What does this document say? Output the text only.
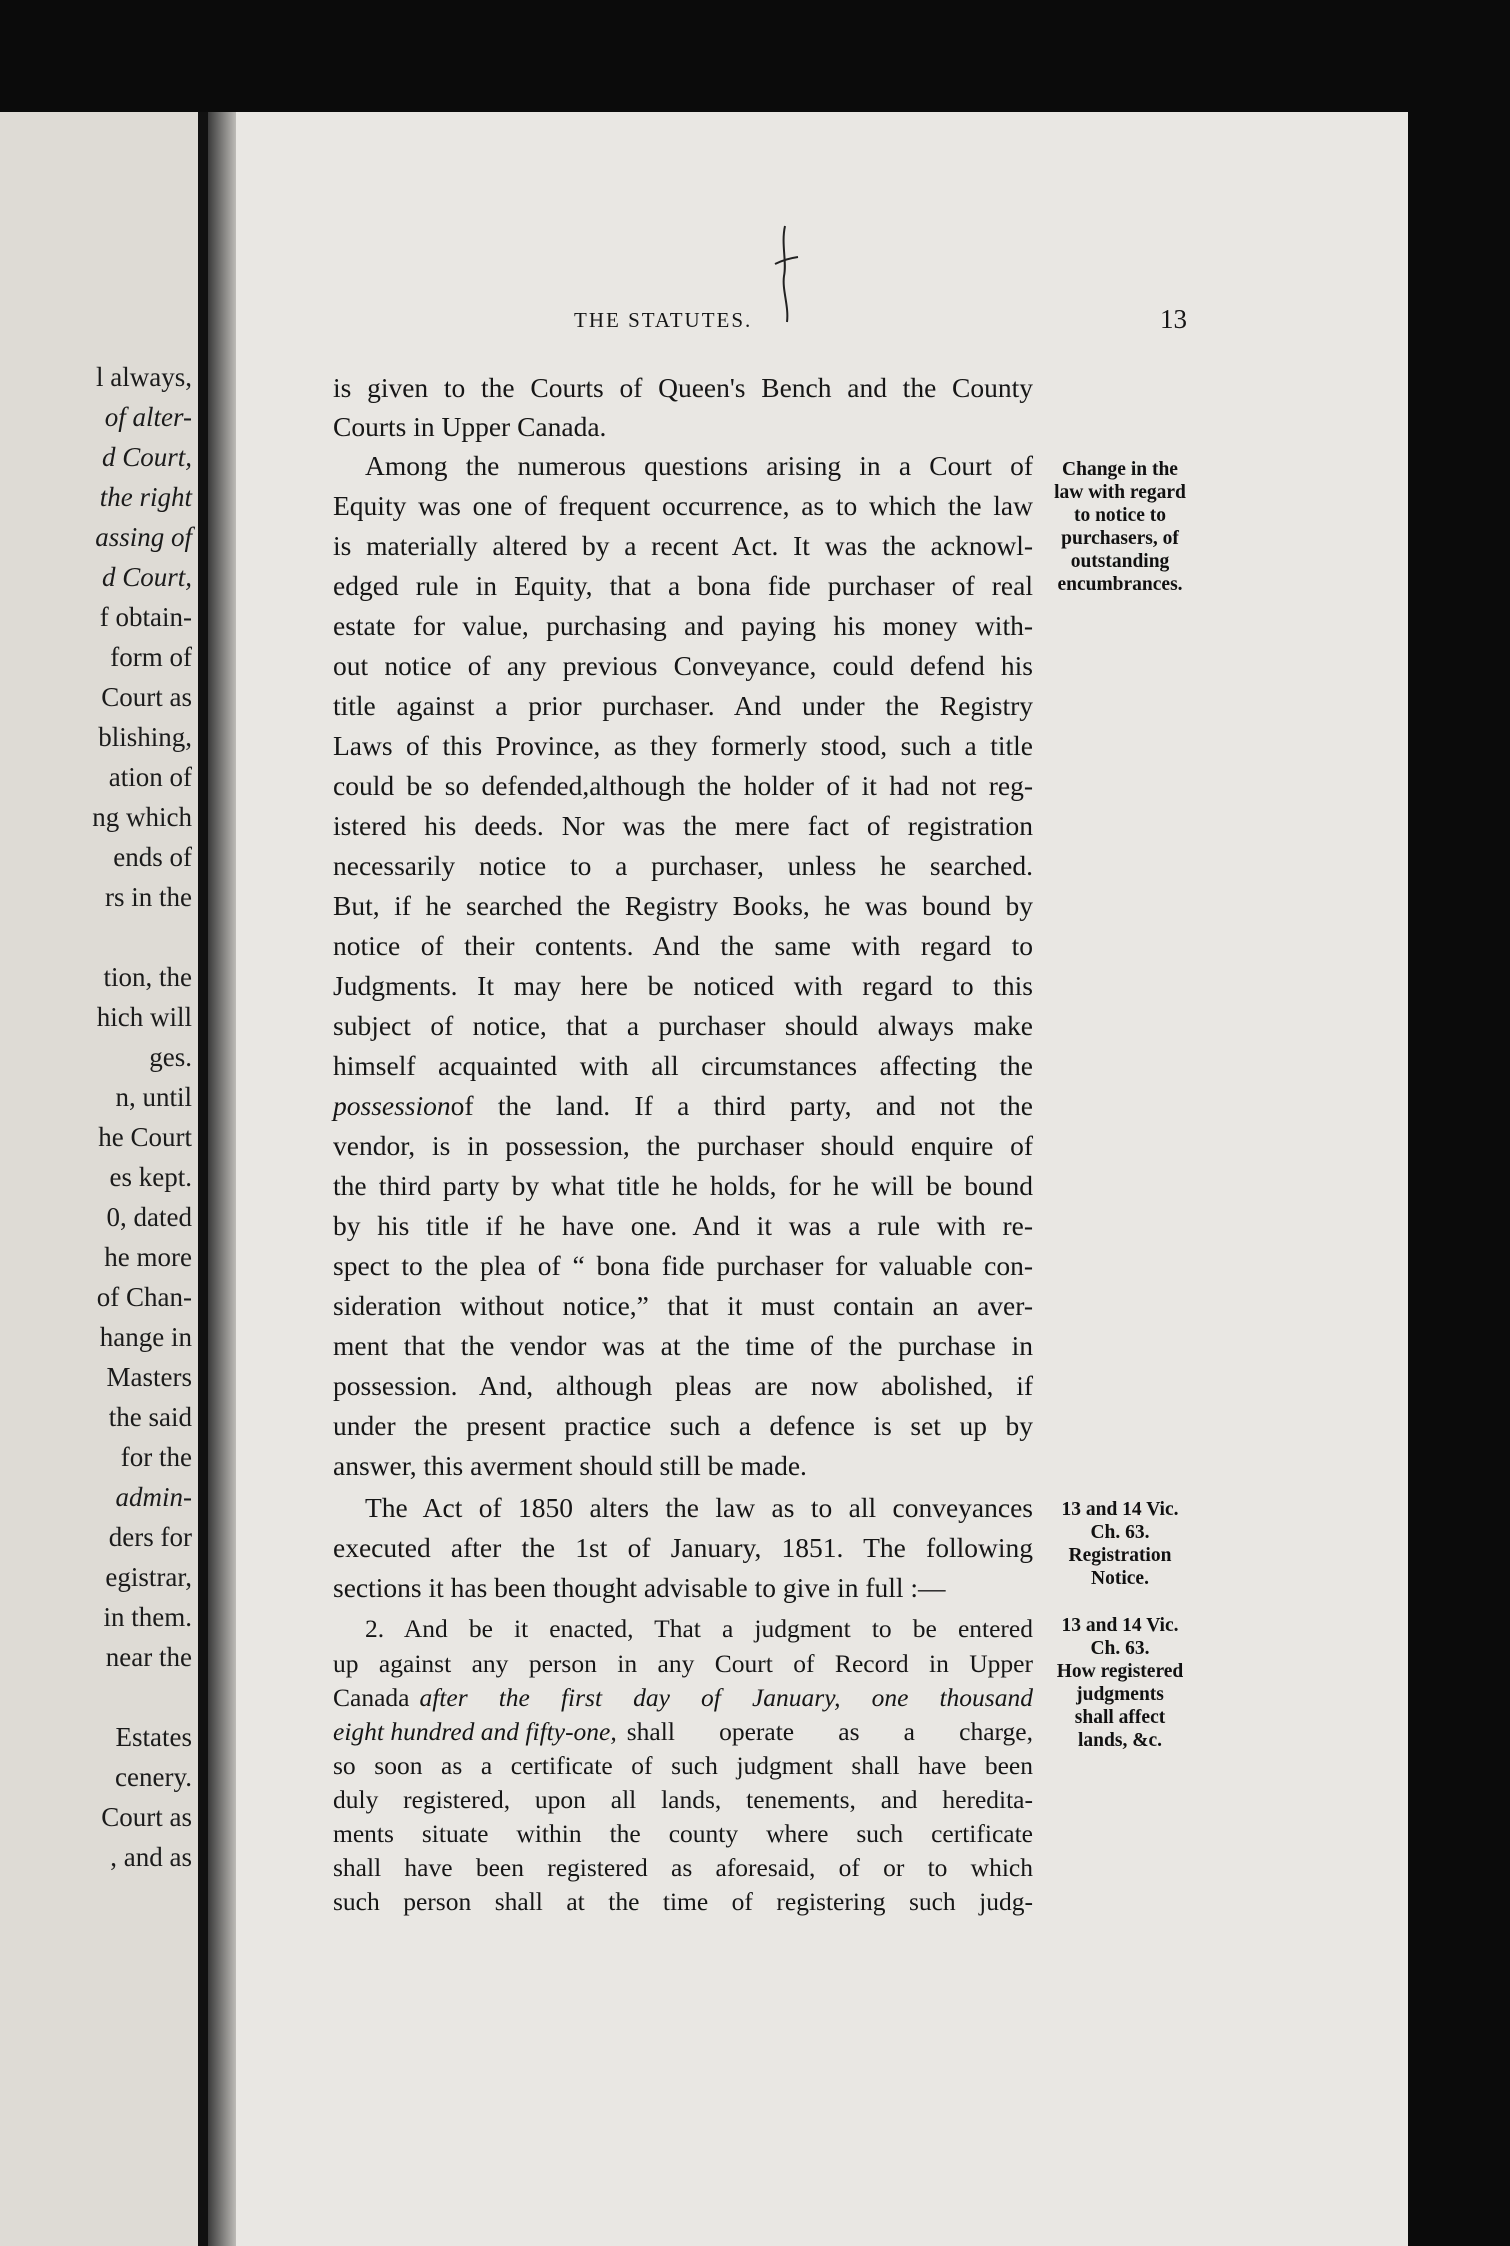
l always,
of alter-
d Court,
the right
assing of
d Court,
f obtain-
form of
Court as
blishing,
ation of
ng which
ends of
rs in the
tion, the
hich will
ges.
n, until
he Court
es kept.
0, dated
he more
of Chan-
hange in
Masters
the said
for the
admin-
ders for
egistrar,
in them.
near the
Estates
cenery.
Court as
, and as
THE STATUTES.	13

is given to the Courts of Queen's Bench and the County

Courts in Upper Canada.

Among the numerous questions arising in a Court of

Equity was one of frequent occurrence, as to which the law

is materially altered by a recent Act. It was the acknowl-

edged rule in Equity, that a bona fide purchaser of real

estate for value, purchasing and paying his money with-

out notice of any previous Conveyance, could defend his

title against a prior purchaser. And under the Registry

Laws of this Province, as they formerly stood, such a title

could be so defended,although the holder of it had not reg-

istered his deeds. Nor was the mere fact of registration

necessarily notice to a purchaser, unless he searched.

But, if he searched the Registry Books, he was bound by

notice of their contents. And the same with regard to

Judgments. It may here be noticed with regard to this

subject of notice, that a purchaser should always make

himself acquainted with all circumstances affecting the

possession of the land. If a third party, and not the

vendor, is in possession, the purchaser should enquire of

the third party by what title he holds, for he will be bound

by his title if he have one. And it was a rule with re-

spect to the plea of “ bona fide purchaser for valuable con-

sideration without notice,” that it must contain an aver-

ment that the vendor was at the time of the purchase in

possession. And, although pleas are now abolished, if

under the present practice such a defence is set up by

answer, this averment should still be made.

The Act of 1850 alters the law as to all conveyances

executed after the 1st of January, 1851. The following

sections it has been thought advisable to give in full :—

2. And be it enacted, That a judgment to be entered

up against any person in any Court of Record in Upper

Canada after the first day of January, one thousand

eight hundred and fifty-one, shall operate as a charge,

so soon as a certificate of such judgment shall have been

duly registered, upon all lands, tenements, and heredita-

ments situate within the county where such certificate

shall have been registered as aforesaid, of or to which

such person shall at the time of registering such judg-

Change in the
law with regard
to notice to
purchasers, of
outstanding
encumbrances.
13 and 14 Vic.
Ch. 63.
Registration
Notice.
13 and 14 Vic.
Ch. 63.
How registered
judgments
shall affect
lands, &c.
